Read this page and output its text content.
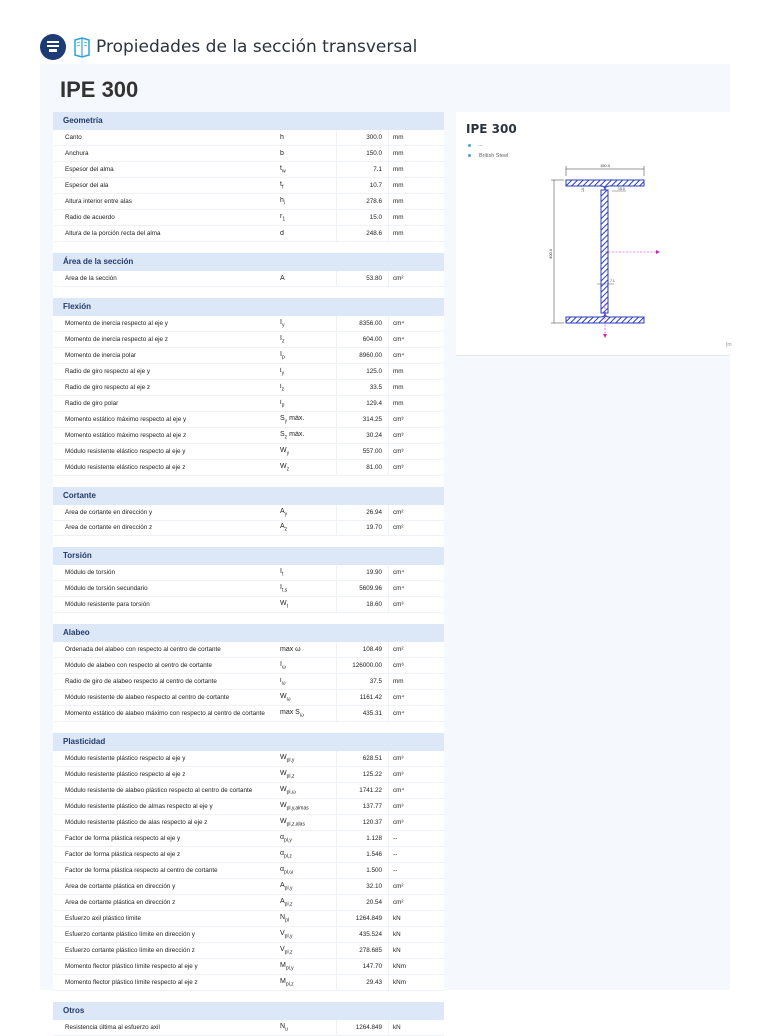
Propiedades de la sección transversal
IPE 300
Geometría
Canto	h	300.0	mm
Anchura	b	150.0	mm
Espesor del alma	$t_w$	7.1	mm
Espesor del ala	$t_f$	10.7	mm
Altura interior entre alas	$h_i$	278.6	mm
Radio de acuerdo	$r_1$	15.0	mm
Altura de la porción recta del alma	d	248.6	mm
Área de la sección
Área de la sección	A	53.80	cm²
Flexión
Momento de inercia respecto al eje y	$I_y$	8356.00	cm⁴
Momento de inercia respecto al eje z	$I_z$	604.00	cm⁴
Momento de inercia polar	$I_p$	8960.00	cm⁴
Radio de giro respecto al eje y	$i_y$	125.0	mm
Radio de giro respecto al eje z	$i_z$	33.5	mm
Radio de giro polar	$i_p$	129.4	mm
Momento estático máximo respecto al eje y	$S_y$ máx.	314.25	cm³
Momento estático máximo respecto al eje z	$S_z$ máx.	30.24	cm³
Módulo resistente elástico respecto al eje y	$W_y$	557.00	cm³
Módulo resistente elástico respecto al eje z	$W_z$	81.00	cm³
Cortante
Área de cortante en dirección y	$A_y$	26.94	cm²
Área de cortante en dirección z	$A_z$	19.70	cm²
Torsión
Módulo de torsión	$I_t$	19.90	cm⁴
Módulo de torsión secundario	$I_{t,s}$	5609.96	cm⁴
Módulo resistente para torsión	$W_t$	18.60	cm³
Alabeo
Ordenada del alabeo con respecto al centro de cortante	max ω	108.49	cm²
Módulo de alabeo con respecto al centro de cortante	$I_\omega$	126000.00	cm⁶
Radio de giro de alabeo respecto al centro de cortante	$i_\omega$	37.5	mm
Módulo resistente de alabeo respecto al centro de cortante	$W_\omega$	1161.42	cm⁴
Momento estático de alabeo máximo con respecto al centro de cortante	$\max S_\omega$	435.31	cm⁴
Plasticidad
Módulo resistente plástico respecto al eje y	$W_{pl,y}$	628.51	cm³
Módulo resistente plástico respecto al eje z	$W_{pl,z}$	125.22	cm³
Módulo resistente de alabeo plástico respecto al centro de cortante	$W_{pl,\omega}$	1741.22	cm⁴
Módulo resistente plástico de almas respecto al eje y	$W_{pl,y,almas}$	137.77	cm³
Módulo resistente plástico de alas respecto al eje z	$W_{pl,z,alas}$	120.37	cm³
Factor de forma plástica respecto al eje y	$\alpha_{pl,y}$	1.128	--
Factor de forma plástica respecto al eje z	$\alpha_{pl,z}$	1.546	--
Factor de forma plástica respecto al centro de cortante	$\alpha_{pl,\omega}$	1.500	--
Área de cortante plástica en dirección y	$A_{pl,y}$	32.10	cm²
Área de cortante plástica en dirección z	$A_{pl,z}$	20.54	cm²
Esfuerzo axil plástico límite	$N_{pl}$	1264.849	kN
Esfuerzo cortante plástico límite en dirección y	$V_{pl,y}$	435.524	kN
Esfuerzo cortante plástico límite en dirección z	$V_{pl,z}$	278.685	kN
Momento flector plástico límite respecto al eje y	$M_{pl,y}$	147.70	kNm
Momento flector plástico límite respecto al eje z	$M_{pl,z}$	29.43	kNm
Otros
Resistencia última al esfuerzo axil	$N_u$	1264.849	kN
IPE 300
--
British Steel
150.0
300.0
10.7	15.0
7.1
[m
